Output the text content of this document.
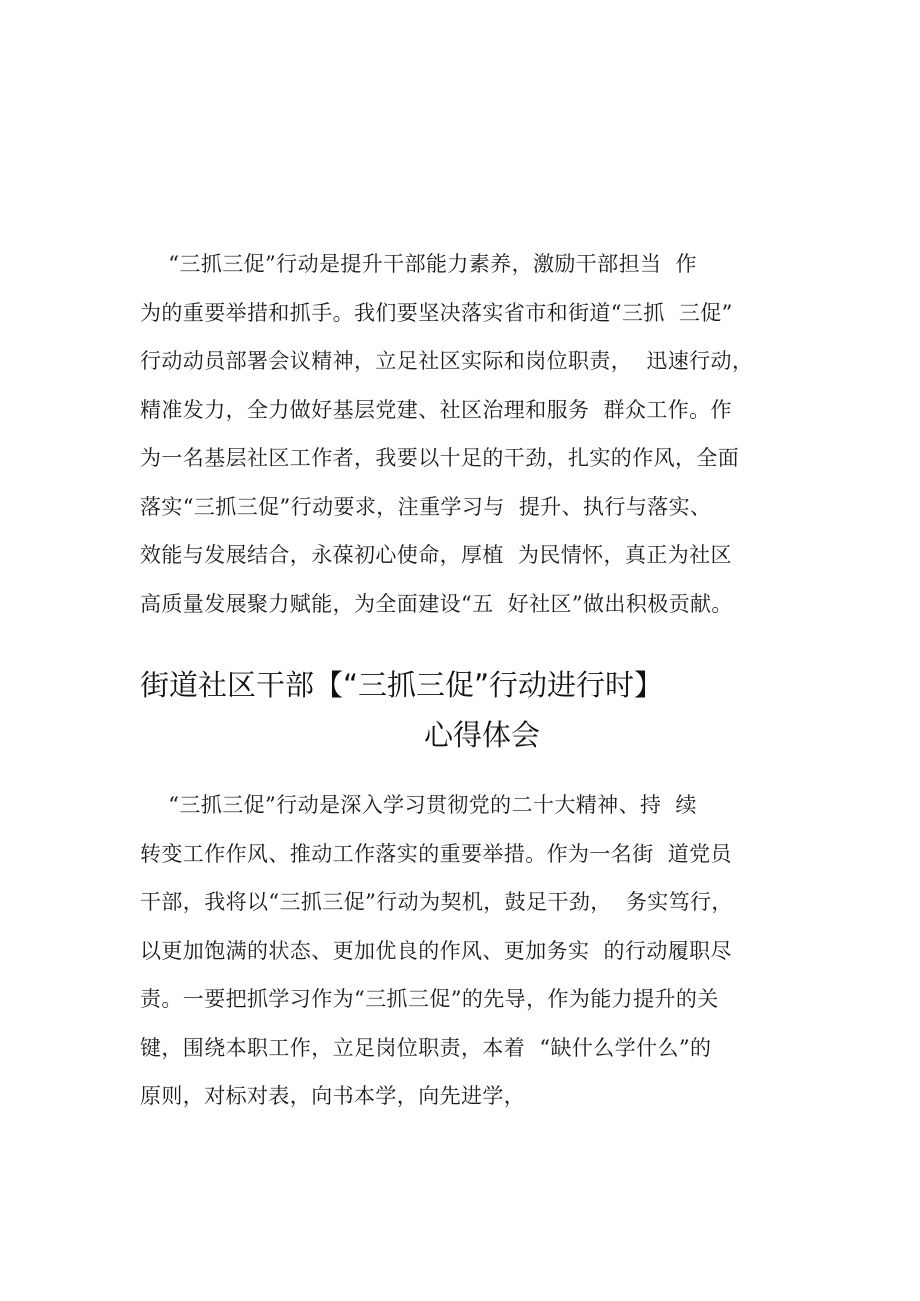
“三抓三促”行动是提升干部能力素养，激励干部担当  作
为的重要举措和抓手。我们要坚决落实省市和街道“三抓  三促”
行动动员部署会议精神，立足社区实际和岗位职责，  迅速行动，
精准发力，全力做好基层党建、社区治理和服务  群众工作。作
为一名基层社区工作者，我要以十足的干劲，扎实的作风，全面
落实“三抓三促”行动要求，注重学习与  提升、执行与落实、
效能与发展结合，永葆初心使命，厚植  为民情怀，真正为社区
高质量发展聚力赋能，为全面建设“五  好社区”做出积极贡献。
街道社区干部【“三抓三促”行动进行时】
心得体会
“三抓三促”行动是深入学习贯彻党的二十大精神、持  续
转变工作作风、推动工作落实的重要举措。作为一名街  道党员
干部，我将以“三抓三促”行动为契机，鼓足干劲，  务实笃行，
以更加饱满的状态、更加优良的作风、更加务实  的行动履职尽
责。一要把抓学习作为“三抓三促”的先导，作为能力提升的关
键，围绕本职工作，立足岗位职责，本着  “缺什么学什么”的
原则，对标对表，向书本学，向先进学，
